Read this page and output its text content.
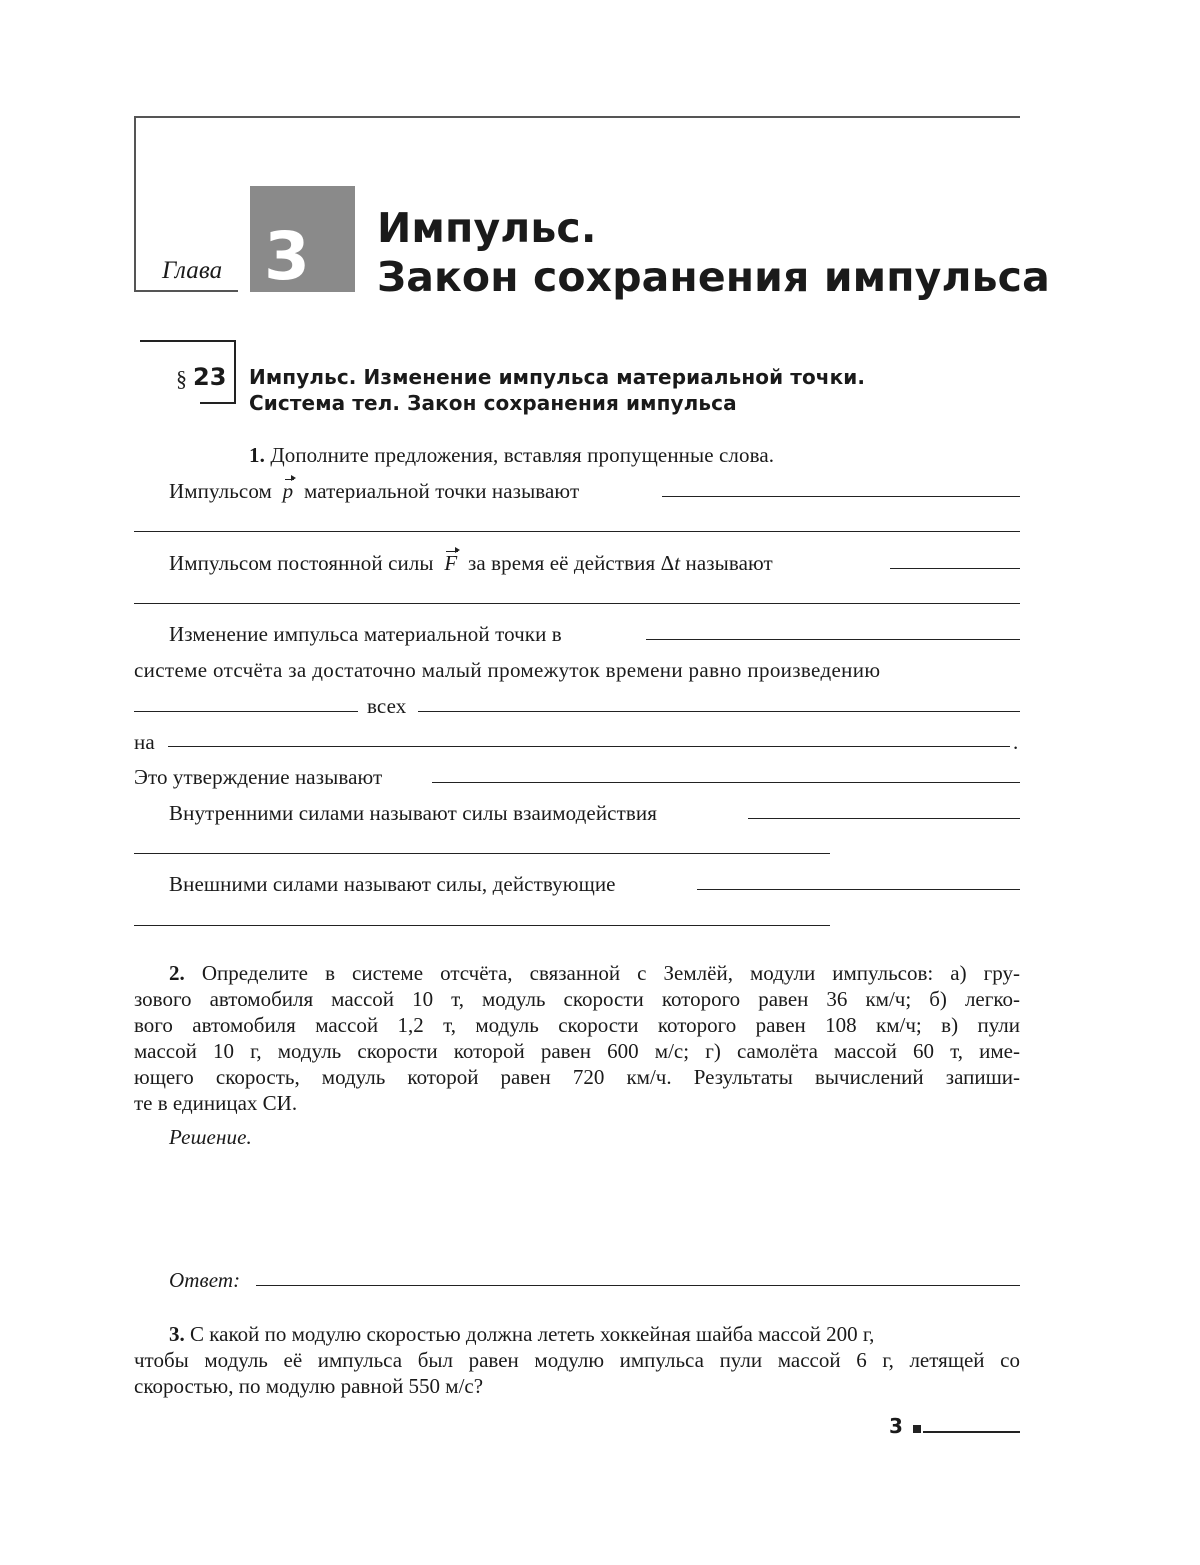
Глава 3 Импульс.
Закон сохранения импульса
§ 23 Импульс. Изменение импульса материальной точки.
Система тел. Закон сохранения импульса
1. Дополните предложения, вставляя пропущенные слова.
Импульсом p материальной точки называют
Импульсом постоянной силы F за время её действия Δt называют
Изменение импульса материальной точки в
системе отсчёта за достаточно малый промежуток времени равно произведению
всех
на	.
Это утверждение называют
Внутренними силами называют силы взаимодействия
Внешними силами называют силы, действующие
2. Определите в системе отсчёта, связанной с Землёй, модули импульсов: а) гру-
зового автомобиля массой 10 т, модуль скорости которого равен 36 км/ч; б) легко-
вого автомобиля массой 1,2 т, модуль скорости которого равен 108 км/ч; в) пули
массой 10 г, модуль скорости которой равен 600 м/с; г) самолёта массой 60 т, име-
ющего скорость, модуль которой равен 720 км/ч. Результаты вычислений запиши-
те в единицах СИ.
Решение.
Ответ:
3. С какой по модулю скоростью должна лететь хоккейная шайба массой 200 г,
чтобы модуль её импульса был равен модулю импульса пули массой 6 г, летящей со
скоростью, по модулю равной 550 м/с?
3
